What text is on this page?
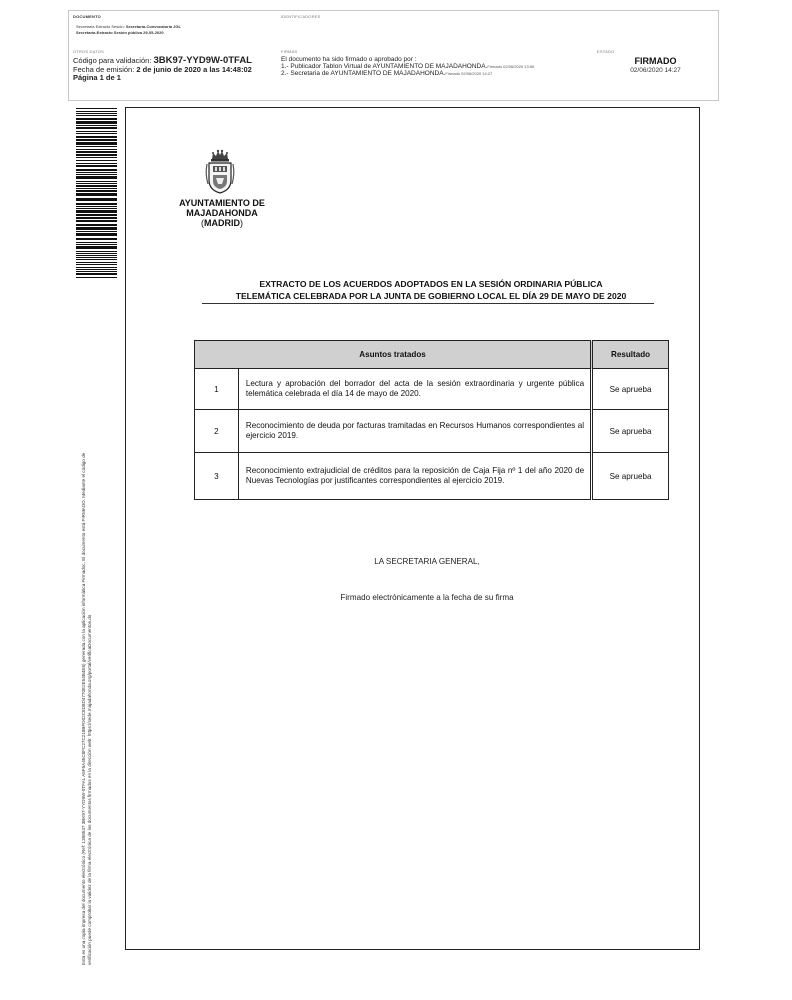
DOCUMENTO
Secretaría Extracto Sesión: Secretaría-Convocatoria JGL
Secretaría-Extracto Sesión pública 29-05-2020
IDENTIFICADORES
OTROS DATOS
Código para validación: 3BK97-YYD9W-0TFAL
Fecha de emisión: 2 de junio de 2020 a las 14:48:02
Página 1 de 1
FIRMAS
El documento ha sido firmado o aprobado por :
1.- Publicador Tablon Virtual de AYUNTAMIENTO DE MAJADAHONDA.Firmado 02/06/2020 13:56
2.- Secretaria de AYUNTAMIENTO DE MAJADAHONDA.Firmado 02/06/2020 14:27
ESTADO
FIRMADO
02/06/2020 14:27

Esta es una copia impresa del documento electrónico (Ref: 1398537 3BK97-YYD9W-0TFAL A5F5A45C8FC27C218BFD02C8D8D4770E2E54B4E6) generada con la aplicación informática Firmadoc. El documento está FIRMADO. Mediante el código de verificación puede comprobar la validez de la firma electrónica de los documentos firmados en la dirección web: https://sede.majadahonda.org/portal/verificaDocumentos.do

AYUNTAMIENTO DE
MAJADAHONDA
(MADRID)
EXTRACTO DE LOS ACUERDOS ADOPTADOS EN LA SESIÓN ORDINARIA PÚBLICA
TELEMÁTICA CELEBRADA POR LA JUNTA DE GOBIERNO LOCAL EL DÍA 29 DE MAYO DE 2020
Asuntos tratados		Resultado
1	Lectura y aprobación del borrador del acta de la sesión extraordinaria y urgente pública telemática celebrada el día 14 de mayo de 2020.	Se aprueba
2	Reconocimiento de deuda por facturas tramitadas en Recursos Humanos correspondientes al ejercicio 2019.	Se aprueba
3	Reconocimiento extrajudicial de créditos para la reposición de Caja Fija nº 1 del año 2020 de Nuevas Tecnologías por justificantes correspondientes al ejercicio 2019.	Se aprueba
LA SECRETARIA GENERAL,
Firmado electrónicamente a la fecha de su firma
